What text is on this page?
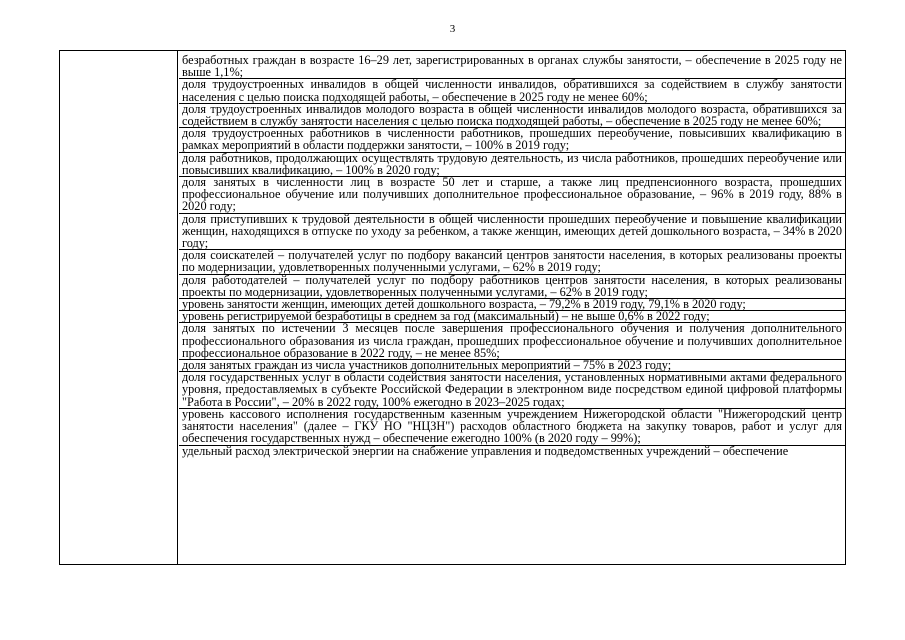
3

безработных граждан в возрасте 16–29 лет, зарегистрированных в органах службы занятости, – обеспечение в 2025 году не выше 1,1%;

доля трудоустроенных инвалидов в общей численности инвалидов, обратившихся за содействием в службу занятости населения с целью поиска подходящей работы, – обеспечение в 2025 году не менее 60%;

доля трудоустроенных инвалидов молодого возраста в общей численности инвалидов молодого возраста, обратившихся за содействием в службу занятости населения с целью поиска подходящей работы, – обеспечение в 2025 году не менее 60%;

доля трудоустроенных работников в численности работников, прошедших переобучение, повысивших квалификацию в рамках мероприятий в области поддержки занятости, – 100% в 2019 году;

доля работников, продолжающих осуществлять трудовую деятельность, из числа работников, прошедших переобучение или повысивших квалификацию, – 100% в 2020 году;

доля занятых в численности лиц в возрасте 50 лет и старше, а также лиц предпенсионного возраста, прошедших профессиональное обучение или получивших дополнительное профессиональное образование, – 96% в 2019 году, 88% в 2020 году;

доля приступивших к трудовой деятельности в общей численности прошедших переобучение и повышение квалификации женщин, находящихся в отпуске по уходу за ребенком, а также женщин, имеющих детей дошкольного возраста, – 34% в 2020 году;

доля соискателей – получателей услуг по подбору вакансий центров занятости населения, в которых реализованы проекты по модернизации, удовлетворенных полученными услугами, – 62% в 2019 году;

доля работодателей – получателей услуг по подбору работников центров занятости населения, в которых реализованы проекты по модернизации, удовлетворенных полученными услугами, – 62% в 2019 году;

уровень занятости женщин, имеющих детей дошкольного возраста, – 79,2% в 2019 году, 79,1% в 2020 году;

уровень регистрируемой безработицы в среднем за год (максимальный) – не выше 0,6% в 2022 году;

доля занятых по истечении 3 месяцев после завершения профессионального обучения и получения дополнительного профессионального образования из числа граждан, прошедших профессиональное обучение и получивших дополнительное профессиональное образование в 2022 году, – не менее 85%;

доля занятых граждан из числа участников дополнительных мероприятий – 75% в 2023 году;

доля государственных услуг в области содействия занятости населения, установленных нормативными актами федерального уровня, предоставляемых в субъекте Российской Федерации в электронном виде посредством единой цифровой платформы "Работа в России", – 20% в 2022 году, 100% ежегодно в 2023–2025 годах;

уровень кассового исполнения государственным казенным учреждением Нижегородской области "Нижегородский центр занятости населения" (далее – ГКУ НО "НЦЗН") расходов областного бюджета на закупку товаров, работ и услуг для обеспечения государственных нужд – обеспечение ежегодно 100% (в 2020 году – 99%);

удельный расход электрической энергии на снабжение управления и подведомственных учреждений – обеспечение
